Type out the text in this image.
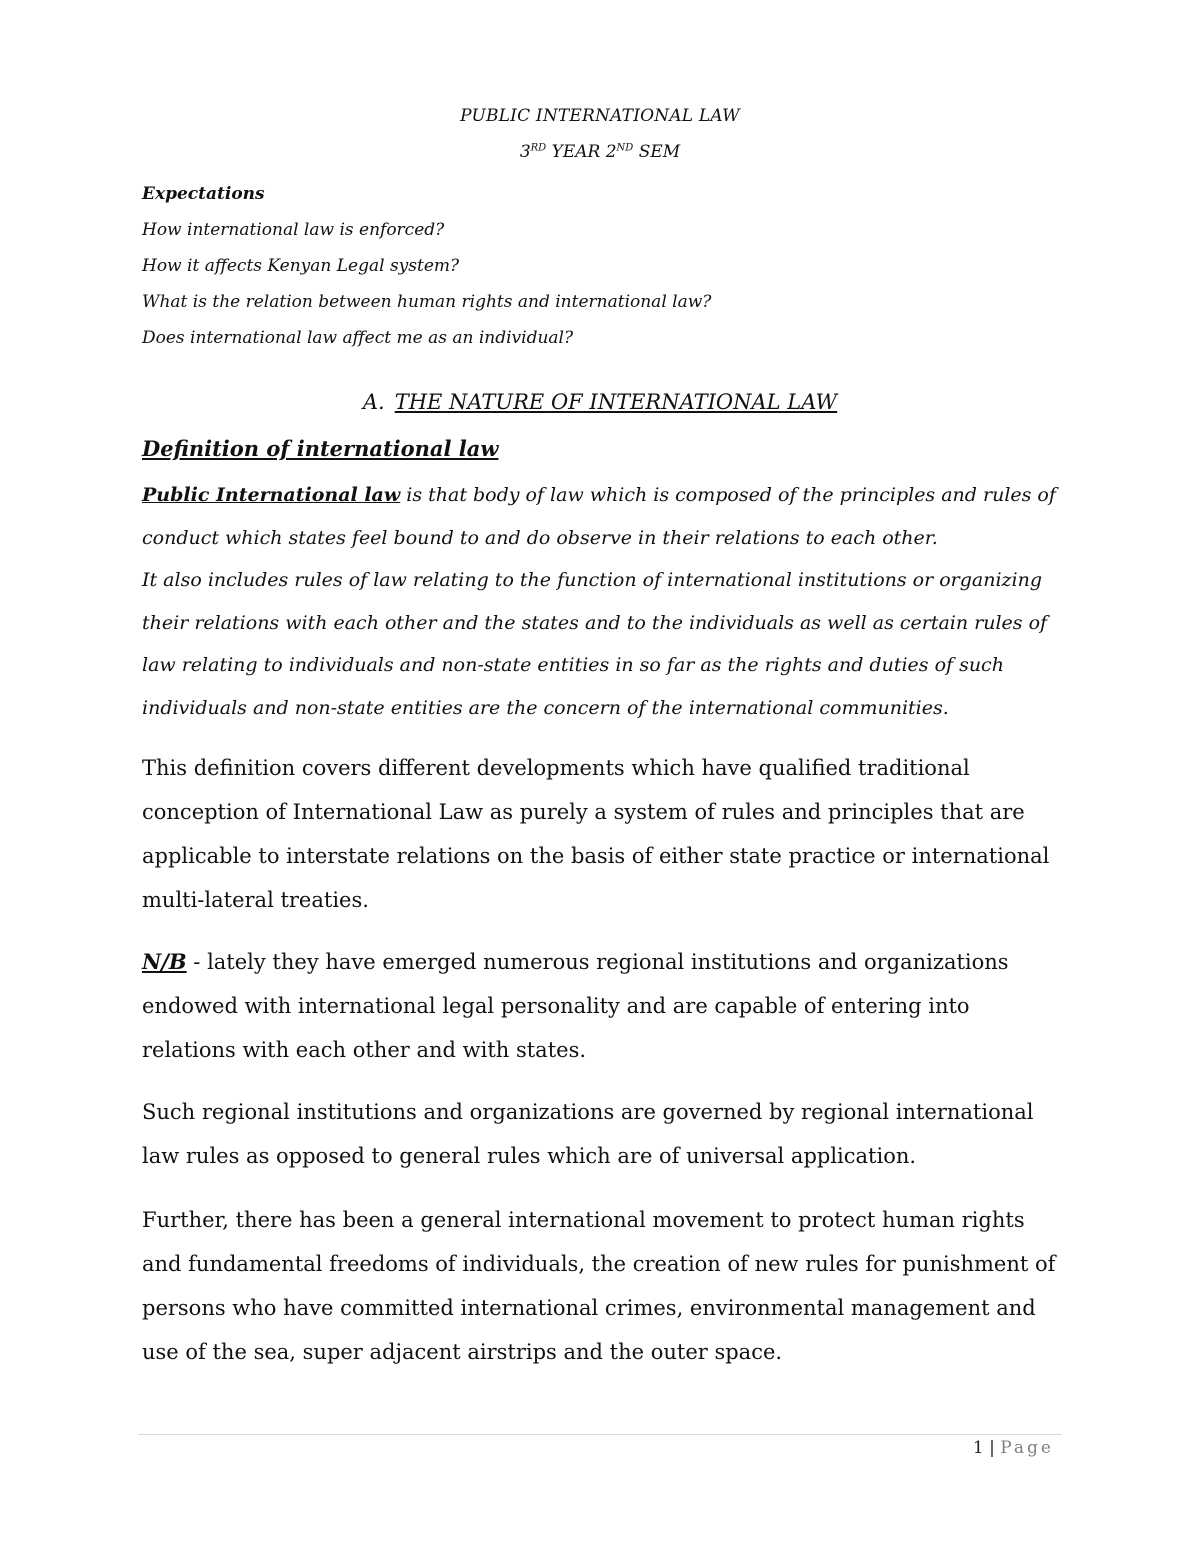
PUBLIC INTERNATIONAL LAW
3RD YEAR 2ND SEM
Expectations
How international law is enforced?
How it affects Kenyan Legal system?
What is the relation between human rights and international law?
Does international law affect me as an individual?
A. THE NATURE OF INTERNATIONAL LAW
Definition of international law
Public International law is that body of law which is composed of the principles and rules of conduct which states feel bound to and do observe in their relations to each other.
It also includes rules of law relating to the function of international institutions or organizing their relations with each other and the states and to the individuals as well as certain rules of law relating to individuals and non-state entities in so far as the rights and duties of such individuals and non-state entities are the concern of the international communities.
This definition covers different developments which have qualified traditional conception of International Law as purely a system of rules and principles that are applicable to interstate relations on the basis of either state practice or international multi-lateral treaties.
N/B - lately they have emerged numerous regional institutions and organizations endowed with international legal personality and are capable of entering into relations with each other and with states.
Such regional institutions and organizations are governed by regional international law rules as opposed to general rules which are of universal application.
Further, there has been a general international movement to protect human rights and fundamental freedoms of individuals, the creation of new rules for punishment of persons who have committed international crimes, environmental management and use of the sea, super adjacent airstrips and the outer space.
1 | Page
